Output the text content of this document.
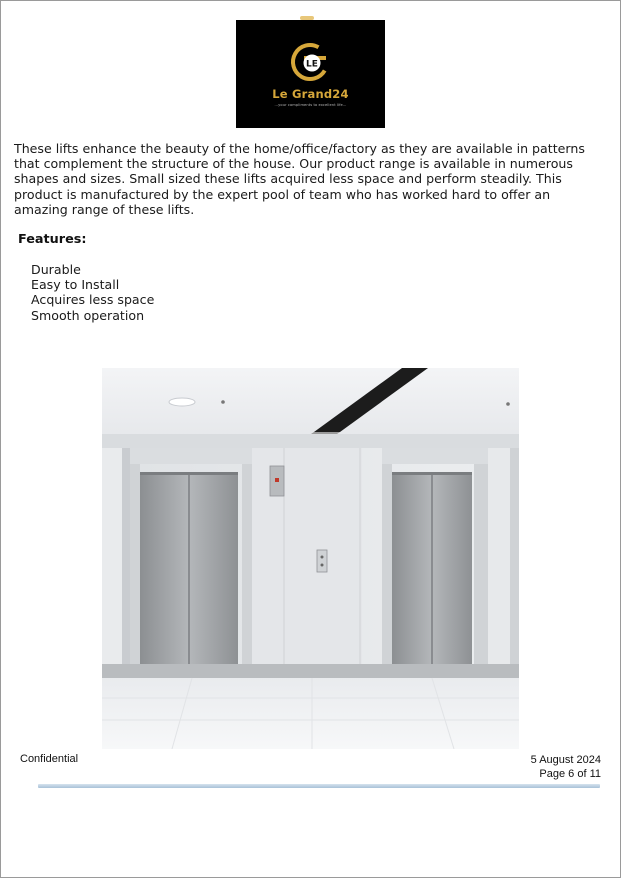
LE
Le Grand24
...your compliments to excellent life...

These lifts enhance the beauty of the home/office/factory as they are available in patterns that complement the structure of the house. Our product range is available in numerous shapes and sizes. Small sized these lifts acquired less space and perform steadily. This product is manufactured by the expert pool of team who has worked hard to offer an amazing range of these lifts.

Features:
Durable
Easy to Install
Acquires less space
Smooth operation
Confidential	5 August 2024
Page 6 of 11
